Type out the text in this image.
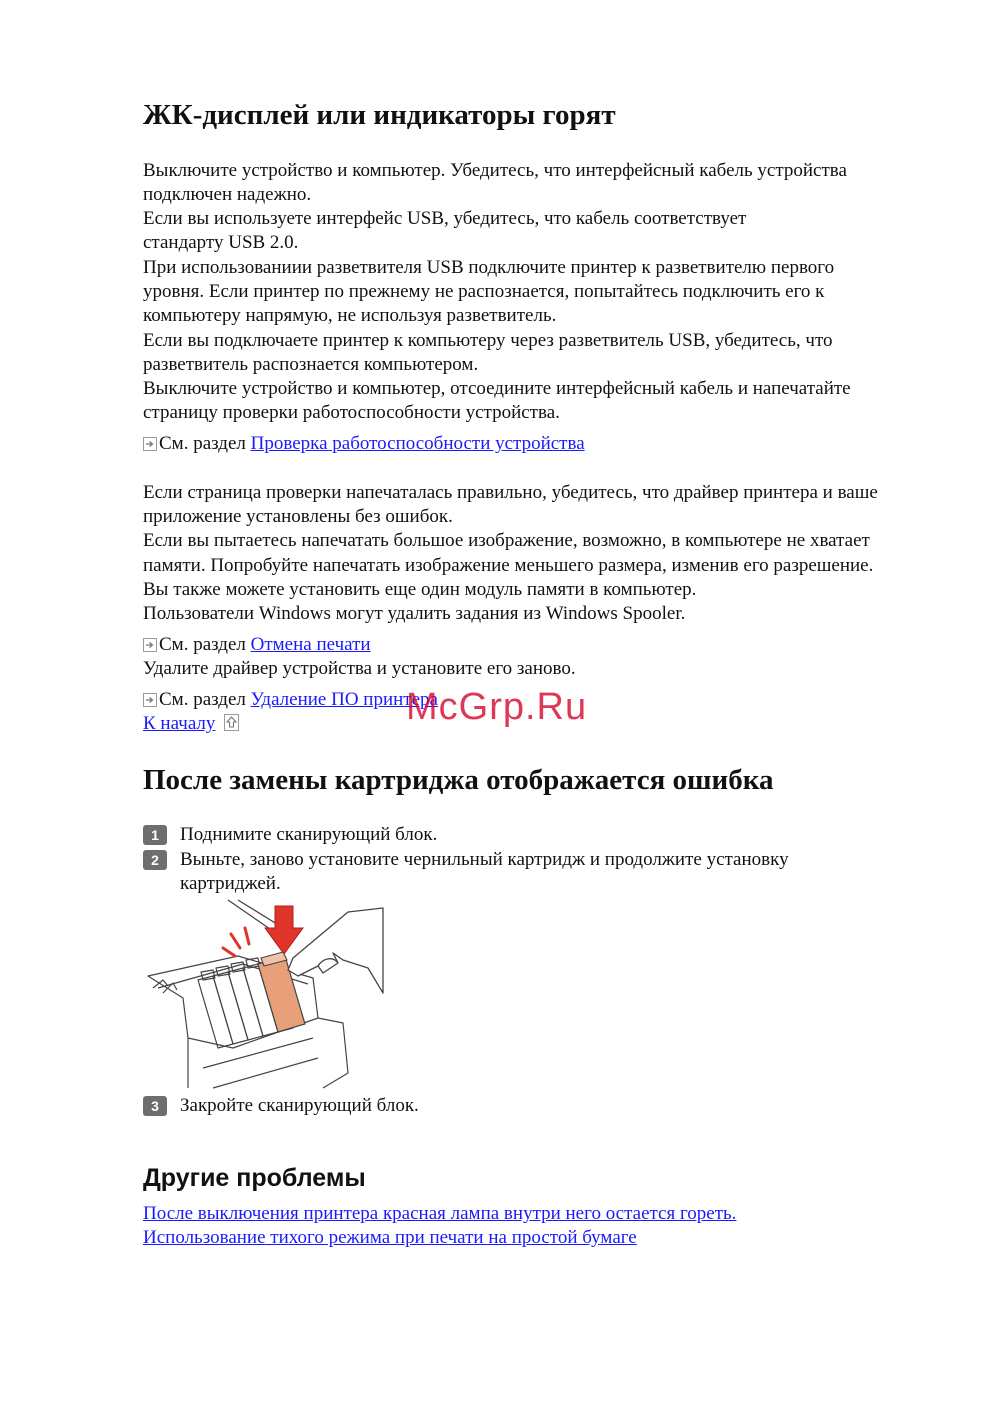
ЖК-дисплей или индикаторы горят

Выключите устройство и компьютер. Убедитесь, что интерфейсный кабель устройства

подключен надежно.

Если вы используете интерфейс USB, убедитесь, что кабель соответствует

стандарту USB 2.0.

При использованиии разветвителя USB подключите принтер к разветвителю первого

уровня. Если принтер по прежнему не распознается, попытайтесь подключить его к

компьютеру напрямую, не используя разветвитель.

Если вы подключаете принтер к компьютеру через разветвитель USB, убедитесь, что

разветвитель распознается компьютером.

Выключите устройство и компьютер, отсоедините интерфейсный кабель и напечатайте

страницу проверки работоспособности устройства.

См. раздел
Проверка работоспособности устройства

Если страница проверки напечаталась правильно, убедитесь, что драйвер принтера и ваше

приложение установлены без ошибок.

Если вы пытаетесь напечатать большое изображение, возможно, в компьютере не хватает

памяти. Попробуйте напечатать изображение меньшего размера, изменив его разрешение.

Вы также можете установить еще один модуль памяти в компьютер.

Пользователи Windows могут удалить задания из Windows Spooler.

См. раздел
Отмена печати

Удалите драйвер устройства и установите его заново.

См. раздел
Удаление ПО принтера

К началу

После замены картриджа отображается ошибка
1	Поднимите сканирующий блок.
2	Выньте, заново установите чернильный картридж и продолжите установку
картриджей.
3	Закройте сканирующий блок.
Другие проблемы

После выключения принтера красная лампа внутри него остается гореть.

Использование тихого режима при печати на простой бумаге

McGrp.Ru
